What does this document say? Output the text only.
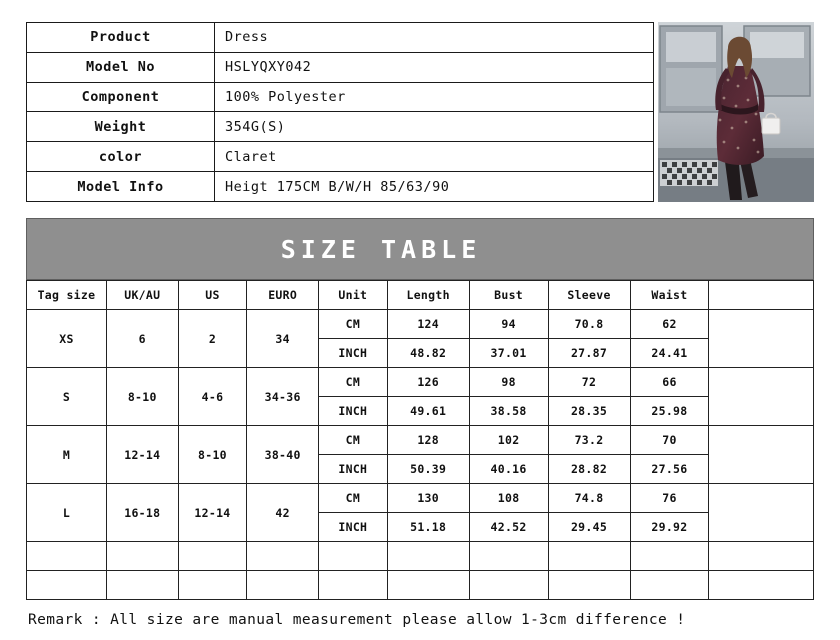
Product	Dress
Model No	HSLYQXY042
Component	100% Polyester
Weight	354G(S)
color	Claret
Model Info	Heigt 175CM B/W/H 85/63/90
SIZE TABLE
Tag size	UK/AU	US	EURO	Unit	Length	Bust	Sleeve	Waist	
XS	6	2	34	CM	124	94	70.8	62	
				INCH	48.82	37.01	27.87	24.41	
S	8-10	4-6	34-36	CM	126	98	72	66	
				INCH	49.61	38.58	28.35	25.98	
M	12-14	8-10	38-40	CM	128	102	73.2	70	
				INCH	50.39	40.16	28.82	27.56	
L	16-18	12-14	42	CM	130	108	74.8	76	
				INCH	51.18	42.52	29.45	29.92	

Remark : All size are manual measurement please allow 1-3cm difference !
